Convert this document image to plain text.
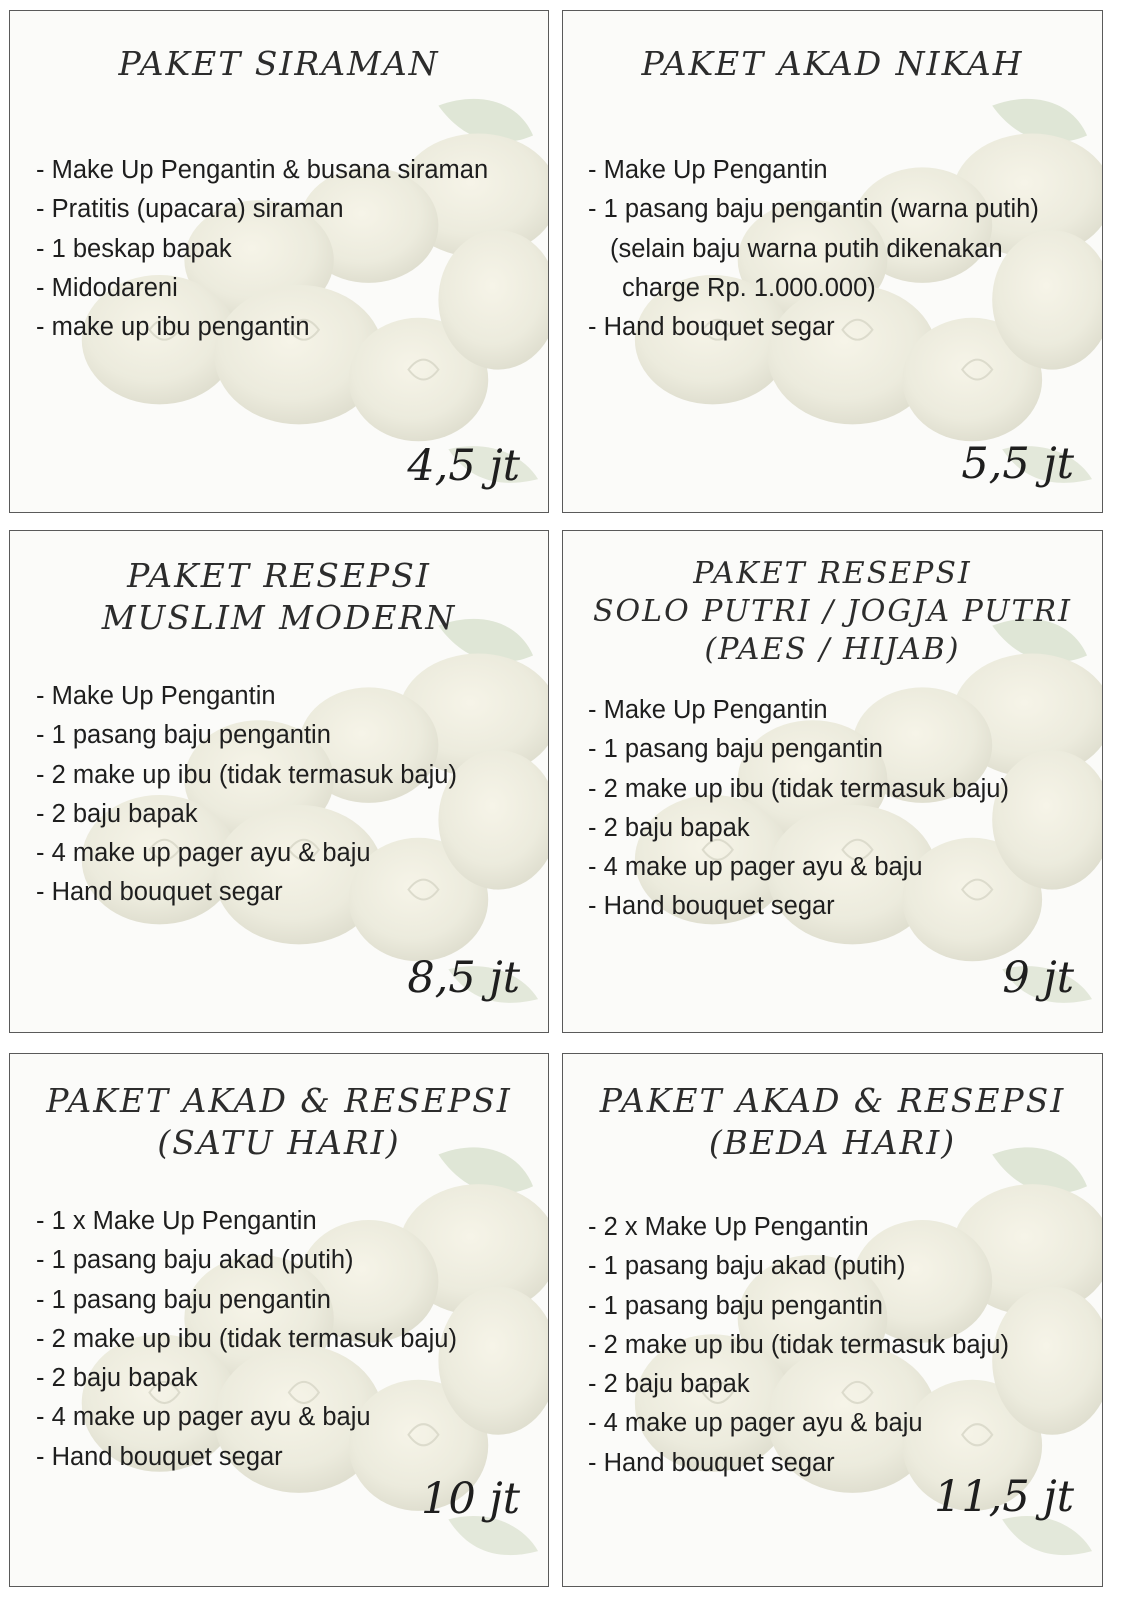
PAKET SIRAMAN
- Make Up Pengantin & busana siraman
- Pratitis (upacara) siraman
- 1 beskap bapak
- Midodareni
- make up ibu pengantin
4,5 jt
PAKET AKAD NIKAH
- Make Up Pengantin
- 1 pasang baju pengantin (warna putih)
(selain baju warna putih dikenakan
charge Rp. 1.000.000)
- Hand bouquet segar
5,5 jt
PAKET RESEPSI
MUSLIM MODERN
- Make Up Pengantin
- 1 pasang baju pengantin
- 2 make up ibu (tidak termasuk baju)
- 2 baju bapak
- 4 make up pager ayu & baju
- Hand bouquet segar
8,5 jt
PAKET RESEPSI
SOLO PUTRI / JOGJA PUTRI
(PAES / HIJAB)
- Make Up Pengantin
- 1 pasang baju pengantin
- 2 make up ibu (tidak termasuk baju)
- 2 baju bapak
- 4 make up pager ayu & baju
- Hand bouquet segar
9 jt
PAKET AKAD & RESEPSI
(SATU HARI)
- 1 x Make Up Pengantin
- 1 pasang baju akad (putih)
- 1 pasang baju pengantin
- 2 make up ibu (tidak termasuk baju)
- 2 baju bapak
- 4 make up pager ayu & baju
- Hand bouquet segar
10 jt
PAKET AKAD & RESEPSI
(BEDA HARI)
- 2 x Make Up Pengantin
- 1 pasang baju akad (putih)
- 1 pasang baju pengantin
- 2 make up ibu (tidak termasuk baju)
- 2 baju bapak
- 4 make up pager ayu & baju
- Hand bouquet segar
11,5 jt
